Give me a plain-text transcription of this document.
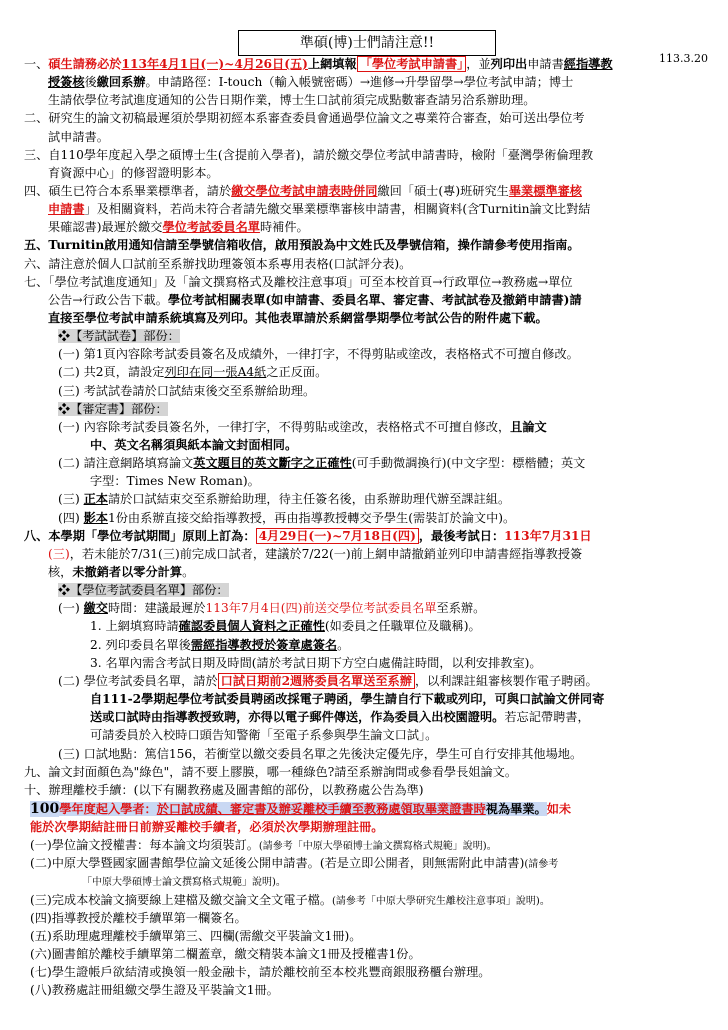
準碩(博)士們請注意!!
113.3.20
一、碩生請務必於113年4月1日(一)~4月26日(五)上網填報 「學位考試申請書」 ，並列印出申請書經指導教
授簽核後繳回系辦。申請路徑：I-touch（輸入帳號密碼）→進修→升學留學→學位考試申請；博士
生請依學位考試進度通知的公告日期作業，博士生口試前須完成點數審查請另洽系辦助理。
二、研究生的論文初稿最遲須於學期初經本系審查委員會通過學位論文之專業符合審查，始可送出學位考
試申請書。
三、自110學年度起入學之碩博士生(含提前入學者)，請於繳交學位考試申請書時，檢附「臺灣學術倫理教
育資源中心」的修習證明影本。
四、碩生已符合本系畢業標準者，請於繳交學位考試申請表時併同繳回「碩士(專)班研究生畢業標準審核
申請書」及相關資料，若尚未符合者請先繳交畢業標準審核申請書，相關資料(含Turnitin論文比對結
果確認書)最遲於繳交學位考試委員名單時補件。
五、Turnitin啟用通知信請至學號信箱收信，啟用預設為中文姓氏及學號信箱，操作請參考使用指南。
六、請注意於個人口試前至系辦找助理簽領本系專用表格(口試評分表)。
七、「學位考試進度通知」及「論文撰寫格式及離校注意事項」可至本校首頁→行政單位→教務處→單位
公告→行政公告下載。學位考試相關表單(如申請書、委員名單、審定書、考試試卷及撤銷申請書)請
直接至學位考試申請系統填寫及列印。其他表單請於系網當學期學位考試公告的附件處下載。
❖【考試試卷】部份：
(一) 第1頁內容除考試委員簽名及成績外，一律打字，不得剪貼或塗改，表格格式不可擅自修改。
(二) 共2頁，請設定列印在同一張A4紙之正反面。
(三) 考試試卷請於口試結束後交至系辦給助理。
❖【審定書】部份：
(一) 內容除考試委員簽名外，一律打字，不得剪貼或塗改，表格格式不可擅自修改，且論文
中、英文名稱須與紙本論文封面相同。
(二) 請注意網路填寫論文英文題目的英文斷字之正確性(可手動微調換行)(中文字型：標楷體；英文
字型：Times New Roman)。
(三) 正本請於口試結束交至系辦給助理，待主任簽名後，由系辦助理代辦至課註組。
(四) 影本1份由系辦直接交給指導教授，再由指導教授轉交予學生(需裝訂於論文中)。
八、本學期「學位考試期間」原則上訂為： 4月29日(一)~7月18日(四) ，最後考試日：113年7月31日
(三)，若未能於7/31(三)前完成口試者，建議於7/22(一)前上網申請撤銷並列印申請書經指導教授簽
核，未撤銷者以零分計算。
❖【學位考試委員名單】部份：
(一) 繳交時間：建議最遲於113年7月4日(四)前送交學位考試委員名單至系辦。
1. 上網填寫時請確認委員個人資料之正確性(如委員之任職單位及職稱)。
2. 列印委員名單後需經指導教授於簽章處簽名。
3. 名單內需含考試日期及時間(請於考試日期下方空白處備註時間，以利安排教室)。
(二) 學位考試委員名單，請於 口試日期前2週將委員名單送至系辦 ，以利課註組審核製作電子聘函。
自111-2學期起學位考試委員聘函改採電子聘函，學生請自行下載或列印，可與口試論文併同寄
送或口試時由指導教授致聘，亦得以電子郵件傳送，作為委員入出校園證明。若忘記帶聘書，
可請委員於入校時口頭告知警衛「至電子系參與學生論文口試」。
(三) 口試地點：篤信156，若衝堂以繳交委員名單之先後決定優先序，學生可自行安排其他場地。
九、論文封面顏色為"綠色"，請不要上膠膜，哪一種綠色?請至系辦詢問或參看學長姐論文。
十、辦理離校手續：(以下有關教務處及圖書館的部份，以教務處公告為準)
100學年度起入學者：於口試成績、審定書及辦妥離校手續至教務處領取畢業證書時視為畢業。如未
能於次學期結註冊日前辦妥離校手續者，必須於次學期辦理註冊。
(一)學位論文授權書：每本論文均須裝訂。(請參考「中原大學碩博士論文撰寫格式規範」說明)。
(二)中原大學暨國家圖書館學位論文延後公開申請書。(若是立即公開者，則無需附此申請書)(請參考
「中原大學碩博士論文撰寫格式規範」說明)。
(三)完成本校論文摘要線上建檔及繳交論文全文電子檔。(請參考「中原大學研究生離校注意事項」說明)。
(四)指導教授於離校手續單第一欄簽名。
(五)系助理處理離校手續單第三、四欄(需繳交平裝論文1冊)。
(六)圖書館於離校手續單第二欄蓋章，繳交精裝本論文1冊及授權書1份。
(七)學生證帳戶欲結清或換領一般金融卡，請於離校前至本校兆豐商銀服務櫃台辦理。
(八)教務處註冊組繳交學生證及平裝論文1冊。
